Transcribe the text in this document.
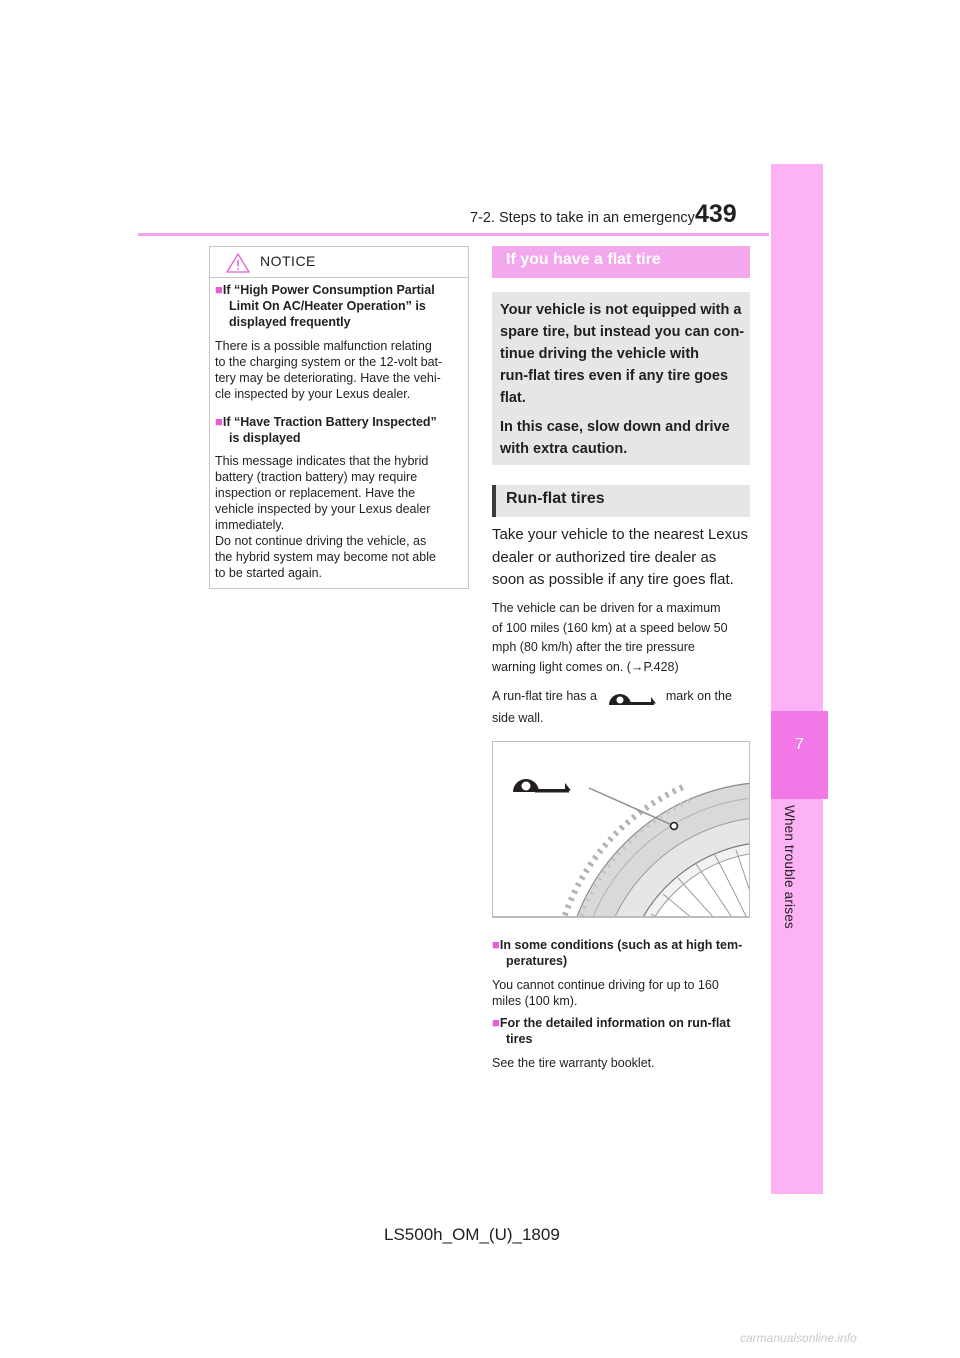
7-2. Steps to take in an emergency 439
7
When trouble arises
NOTICE
■If “High Power Consumption Partial
Limit On AC/Heater Operation” is
displayed frequently
There is a possible malfunction relating
to the charging system or the 12-volt bat-
tery may be deteriorating. Have the vehi-
cle inspected by your Lexus dealer.
■If “Have Traction Battery Inspected”
is displayed
This message indicates that the hybrid
battery (traction battery) may require
inspection or replacement. Have the
vehicle inspected by your Lexus dealer
immediately.
Do not continue driving the vehicle, as
the hybrid system may become not able
to be started again.
If you have a flat tire
Your vehicle is not equipped with a
spare tire, but instead you can con-
tinue driving the vehicle with
run-flat tires even if any tire goes
flat.
In this case, slow down and drive
with extra caution.
Run-flat tires
Take your vehicle to the nearest Lexus
dealer or authorized tire dealer as
soon as possible if any tire goes flat.
The vehicle can be driven for a maximum
of 100 miles (160 km) at a speed below 50
mph (80 km/h) after the tire pressure
warning light comes on. (→P.428)
A run-flat tire has a	mark on the
side wall.
■In some conditions (such as at high tem-
peratures)
You cannot continue driving for up to 160
miles (100 km).
■For the detailed information on run-flat
tires
See the tire warranty booklet.
LS500h_OM_(U)_1809
carmanualsonline.info
